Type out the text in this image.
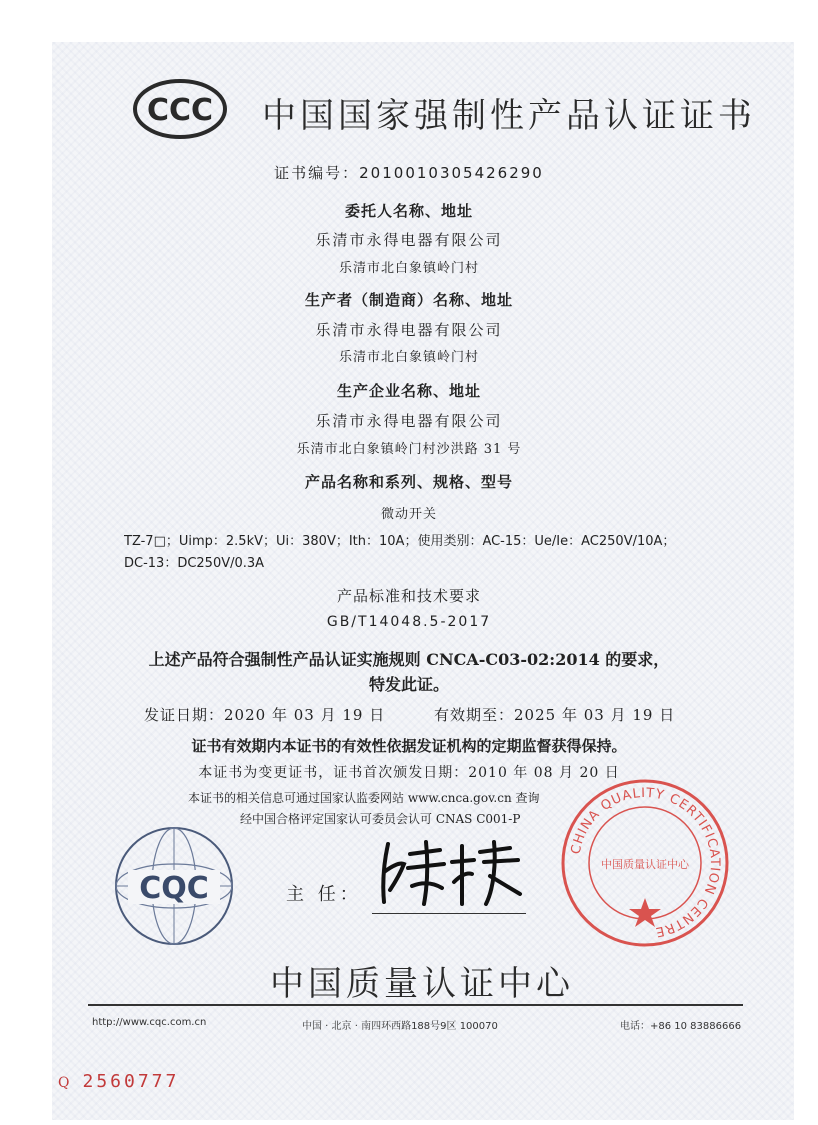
CCC 中国国家强制性产品认证证书
证书编号：2010010305426290
委托人名称、地址
乐清市永得电器有限公司
乐清市北白象镇岭门村
生产者（制造商）名称、地址
乐清市永得电器有限公司
乐清市北白象镇岭门村
生产企业名称、地址
乐清市永得电器有限公司
乐清市北白象镇岭门村沙洪路 31 号
产品名称和系列、规格、型号
微动开关
TZ-7□；Uimp：2.5kV；Ui：380V；Ith：10A；使用类别：AC-15：Ue/Ie：AC250V/10A；
DC-13：DC250V/0.3A
产品标准和技术要求
GB/T14048.5-2017
上述产品符合强制性产品认证实施规则 CNCA-C03-02:2014 的要求，
特发此证。
发证日期：2020 年 03 月 19 日	有效期至：2025 年 03 月 19 日
证书有效期内本证书的有效性依据发证机构的定期监督获得保持。
本证书为变更证书，证书首次颁发日期：2010 年 08 月 20 日
本证书的相关信息可通过国家认监委网站 www.cnca.gov.cn 查询
经中国合格评定国家认可委员会认可 CNAS C001-P
CQC	主 任：
CHINA QUALITY CERTIFICATION CENTRE
中国质量认证中心
中国质量认证中心
http://www.cqc.com.cn	中国 · 北京 · 南四环西路188号9区 100070	电话：+86 10 83886666
Q 2560777
